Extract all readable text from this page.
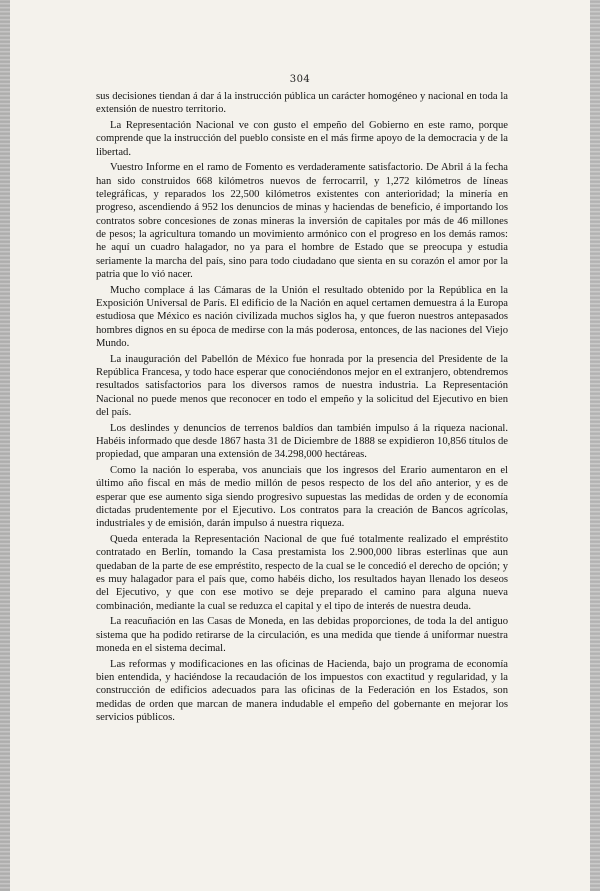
304

sus decisiones tiendan á dar á la instrucción pública un carácter homogéneo y nacional en toda la extensión de nuestro territorio.

La Representación Nacional ve con gusto el empeño del Gobierno en este ramo, porque comprende que la instrucción del pueblo consiste en el más firme apoyo de la democracia y de la libertad.

Vuestro Informe en el ramo de Fomento es verdaderamente satisfactorio. De Abril á la fecha han sido construidos 668 kilómetros nuevos de ferrocarril, y 1,272 kilómetros de líneas telegráficas, y reparados los 22,500 kilómetros existentes con anterioridad; la minería en progreso, ascendiendo á 952 los denuncios de minas y haciendas de beneficio, é importando los contratos sobre concesiones de zonas mineras la inversión de capitales por más de 46 millones de pesos; la agricultura tomando un movimiento armónico con el progreso en los demás ramos: he aquí un cuadro halagador, no ya para el hombre de Estado que se preocupa y estudia seriamente la marcha del país, sino para todo ciudadano que sienta en su corazón el amor por la patria que lo vió nacer.

Mucho complace á las Cámaras de la Unión el resultado obtenido por la República en la Exposición Universal de París. El edificio de la Nación en aquel certamen demuestra á la Europa estudiosa que México es nación civilizada muchos siglos ha, y que fueron nuestros antepasados hombres dignos en su época de medirse con la más poderosa, entonces, de las naciones del Viejo Mundo.

La inauguración del Pabellón de México fue honrada por la presencia del Presidente de la República Francesa, y todo hace esperar que conociéndonos mejor en el extranjero, obtendremos resultados satisfactorios para los diversos ramos de nuestra industria. La Representación Nacional no puede menos que reconocer en todo el empeño y la solicitud del Ejecutivo en bien del país.

Los deslindes y denuncios de terrenos baldíos dan también impulso á la riqueza nacional. Habéis informado que desde 1867 hasta 31 de Diciembre de 1888 se expidieron 10,856 títulos de propiedad, que amparan una extensión de 34.298,000 hectáreas.

Como la nación lo esperaba, vos anunciais que los ingresos del Erario aumentaron en el último año fiscal en más de medio millón de pesos respecto de los del año anterior, y es de esperar que ese aumento siga siendo progresivo supuestas las medidas de orden y de economía dictadas prudentemente por el Ejecutivo. Los contratos para la creación de Bancos agrícolas, industriales y de emisión, darán impulso á nuestra riqueza.

Queda enterada la Representación Nacional de que fué totalmente realizado el empréstito contratado en Berlín, tomando la Casa prestamista los 2.900,000 libras esterlinas que aun quedaban de la parte de ese empréstito, respecto de la cual se le concedió el derecho de opción; y es muy halagador para el país que, como habéis dicho, los resultados hayan llenado los deseos del Ejecutivo, y que con ese motivo se deje preparado el camino para alguna nueva combinación, mediante la cual se reduzca el capital y el tipo de interés de nuestra deuda.

La reacuñación en las Casas de Moneda, en las debidas proporciones, de toda la del antiguo sistema que ha podido retirarse de la circulación, es una medida que tiende á uniformar nuestra moneda en el sistema decimal.

Las reformas y modificaciones en las oficinas de Hacienda, bajo un programa de economía bien entendida, y haciéndose la recaudación de los impuestos con exactitud y regularidad, y la construcción de edificios adecuados para las oficinas de la Federación en los Estados, son medidas de orden que marcan de manera indudable el empeño del gobernante en mejorar los servicios públicos.
